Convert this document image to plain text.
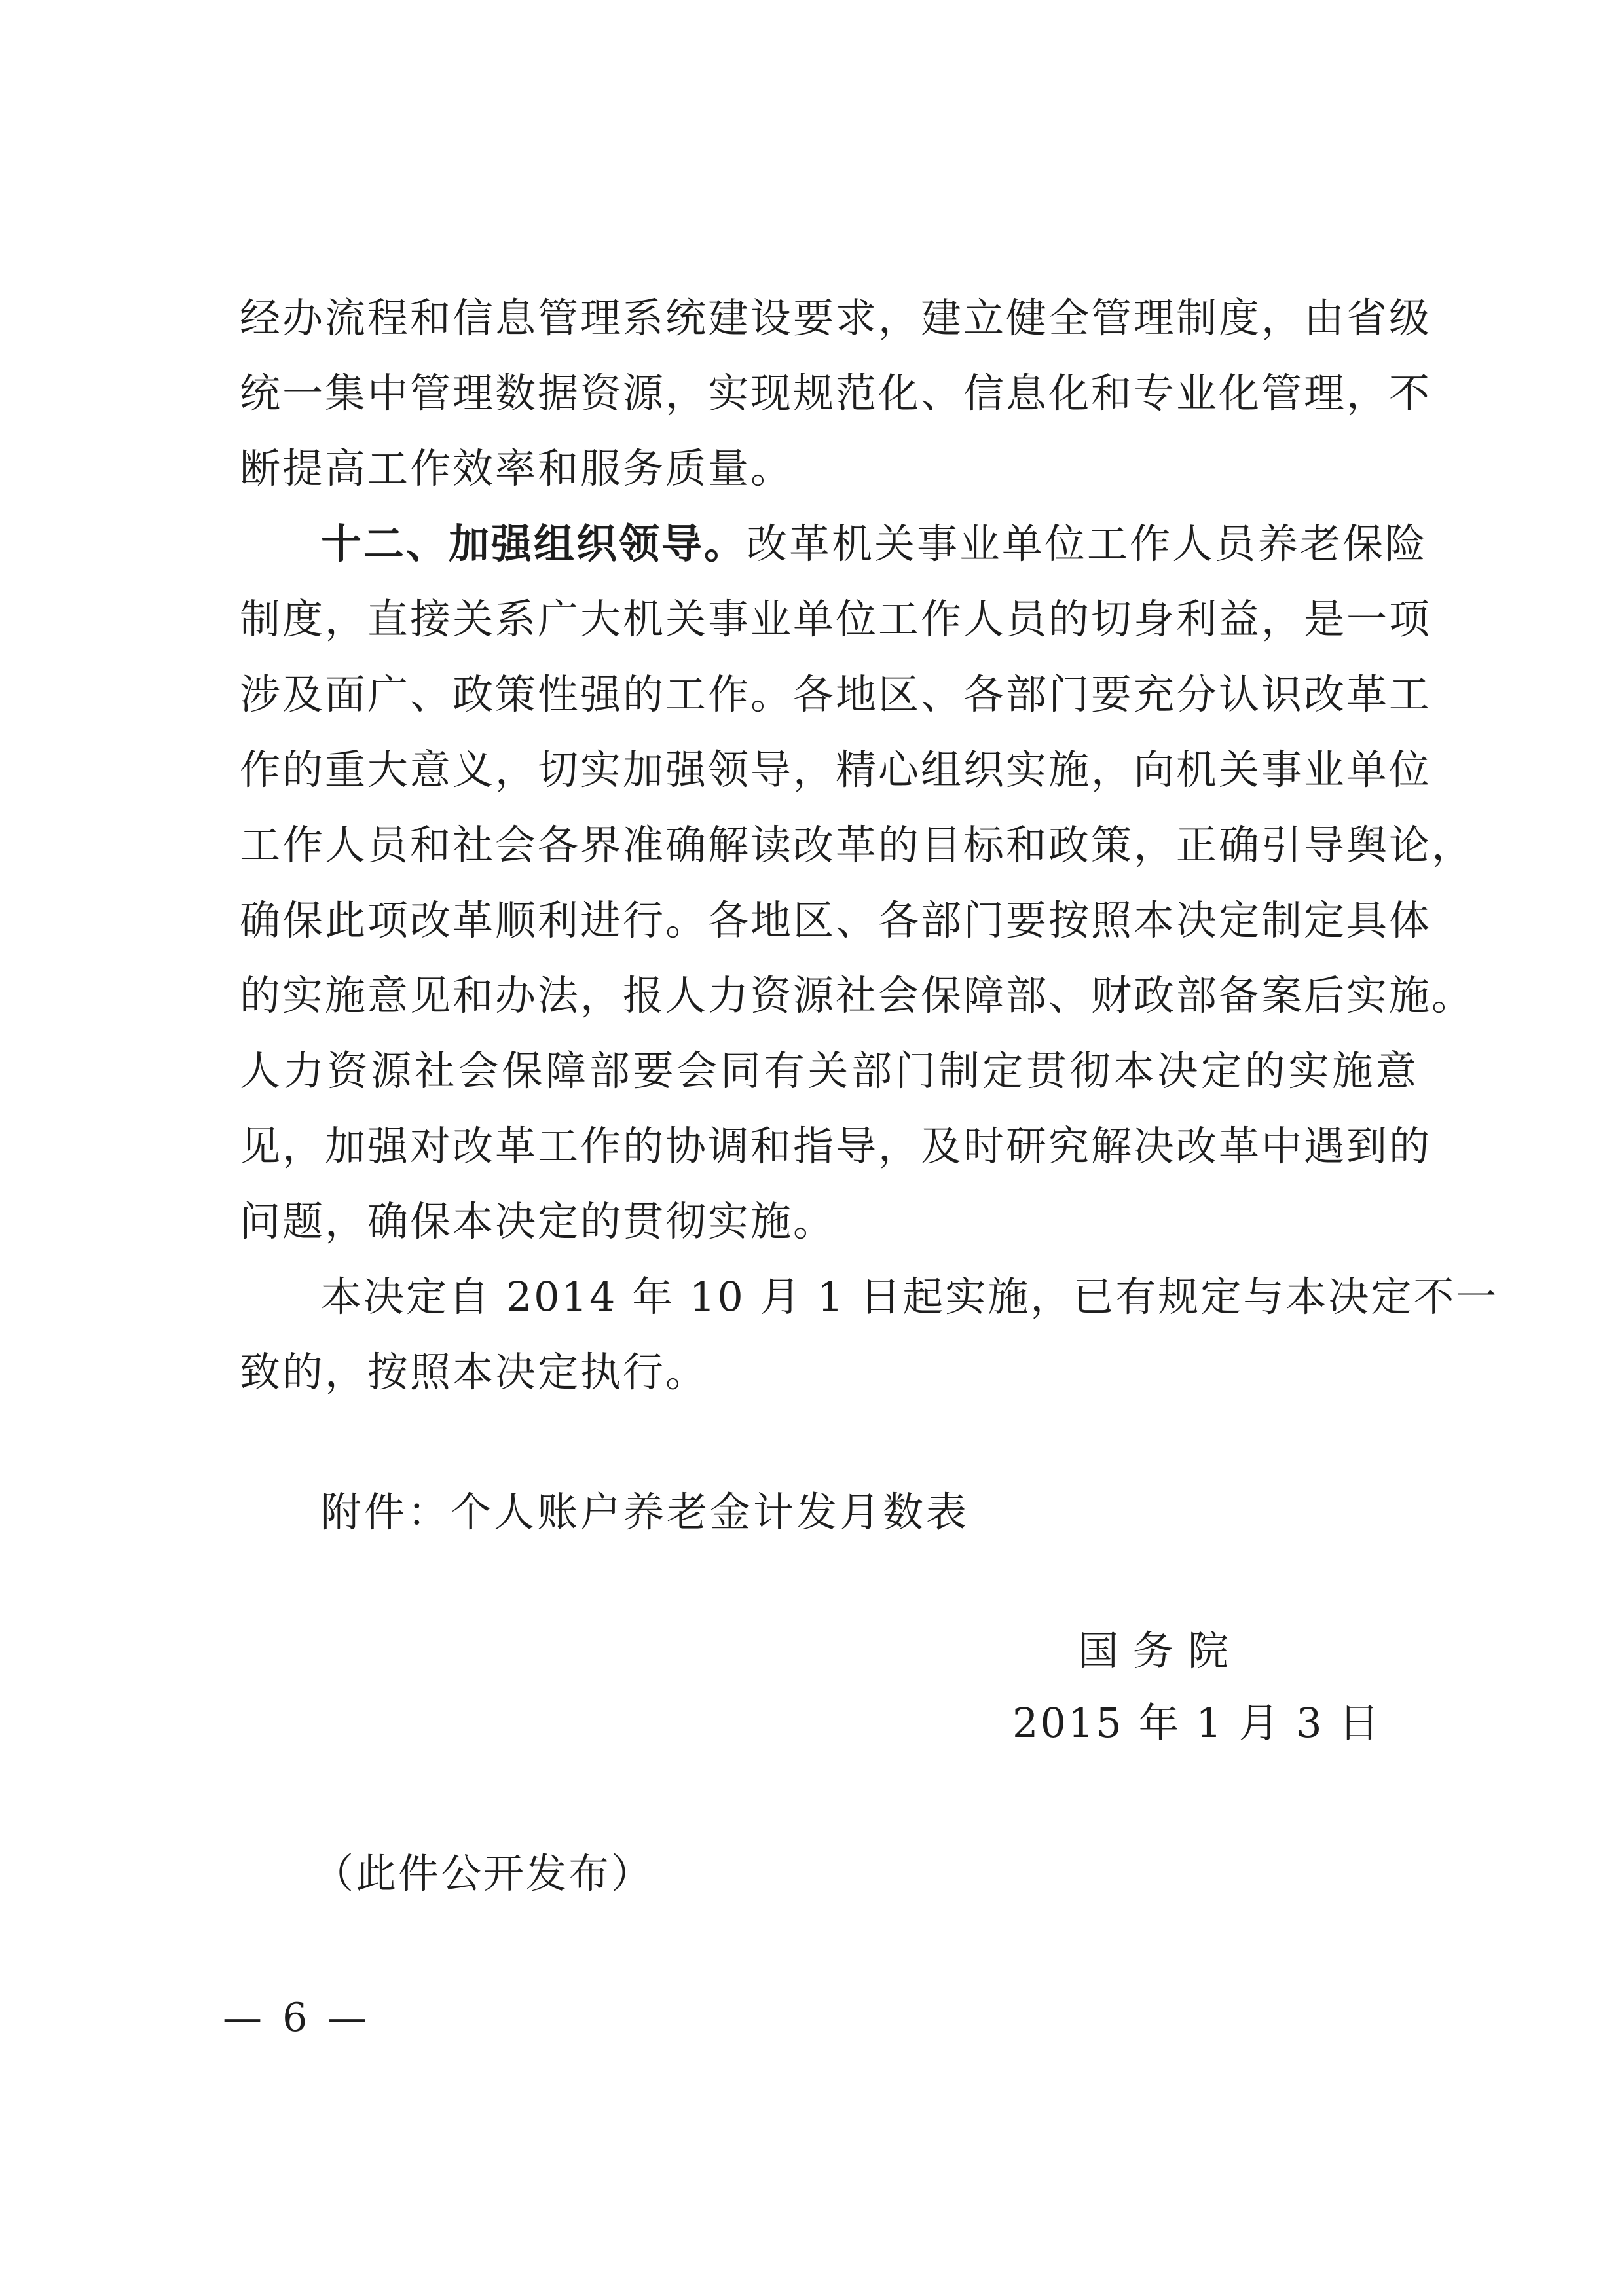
经办流程和信息管理系统建设要求，建立健全管理制度，由省级
统一集中管理数据资源，实现规范化、信息化和专业化管理，不
断提高工作效率和服务质量。
十二、加强组织领导。改革机关事业单位工作人员养老保险
制度，直接关系广大机关事业单位工作人员的切身利益，是一项
涉及面广、政策性强的工作。各地区、各部门要充分认识改革工
作的重大意义，切实加强领导，精心组织实施，向机关事业单位
工作人员和社会各界准确解读改革的目标和政策，正确引导舆论，
确保此项改革顺利进行。各地区、各部门要按照本决定制定具体
的实施意见和办法，报人力资源社会保障部、财政部备案后实施。
人力资源社会保障部要会同有关部门制定贯彻本决定的实施意
见，加强对改革工作的协调和指导，及时研究解决改革中遇到的
问题，确保本决定的贯彻实施。
本决定自 2014 年 10 月 1 日起实施，已有规定与本决定不一
致的，按照本决定执行。
附件：个人账户养老金计发月数表
国务院
2015 年 1 月 3 日
（此件公开发布）
— 6 —
